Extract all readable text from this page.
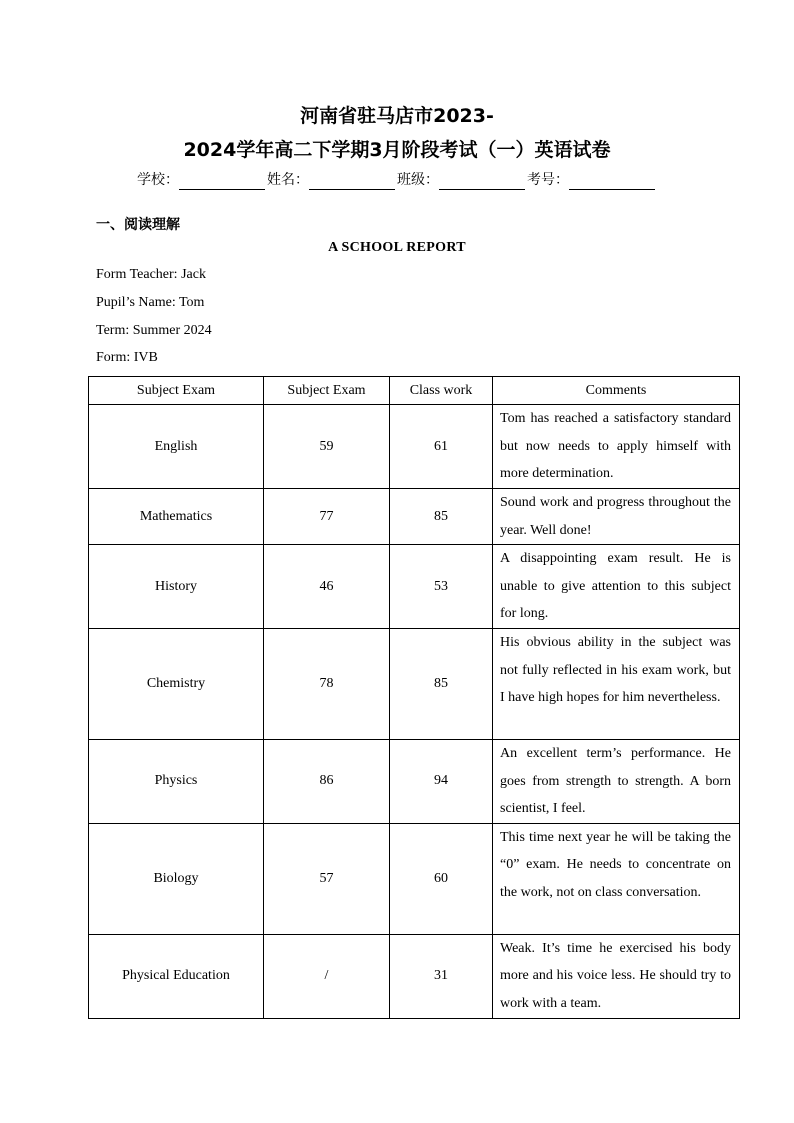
河南省驻马店市2023-
2024学年高二下学期3月阶段考试（一）英语试卷
学校：	姓名：	班级：	考号：
一、阅读理解
A SCHOOL REPORT
Form Teacher: Jack
Pupil’s Name: Tom
Term: Summer 2024
Form: IVB
Subject Exam	Subject Exam	Class work	Comments
English	59	61	Tom has reached a satisfactory standard but now needs to apply himself with more determination.
Mathematics	77	85	Sound work and progress throughout the year. Well done!
History	46	53	A disappointing exam result. He is unable to give attention to this subject for long.
Chemistry	78	85	His obvious ability in the subject was not fully reflected in his exam work, but I have high hopes for him nevertheless.
Physics	86	94	An excellent term’s performance. He goes from strength to strength. A born scientist, I feel.
Biology	57	60	This time next year he will be taking the “0” exam. He needs to concentrate on the work, not on class conversation.
Physical Education	/	31	Weak. It’s time he exercised his body more and his voice less. He should try to work with a team.
